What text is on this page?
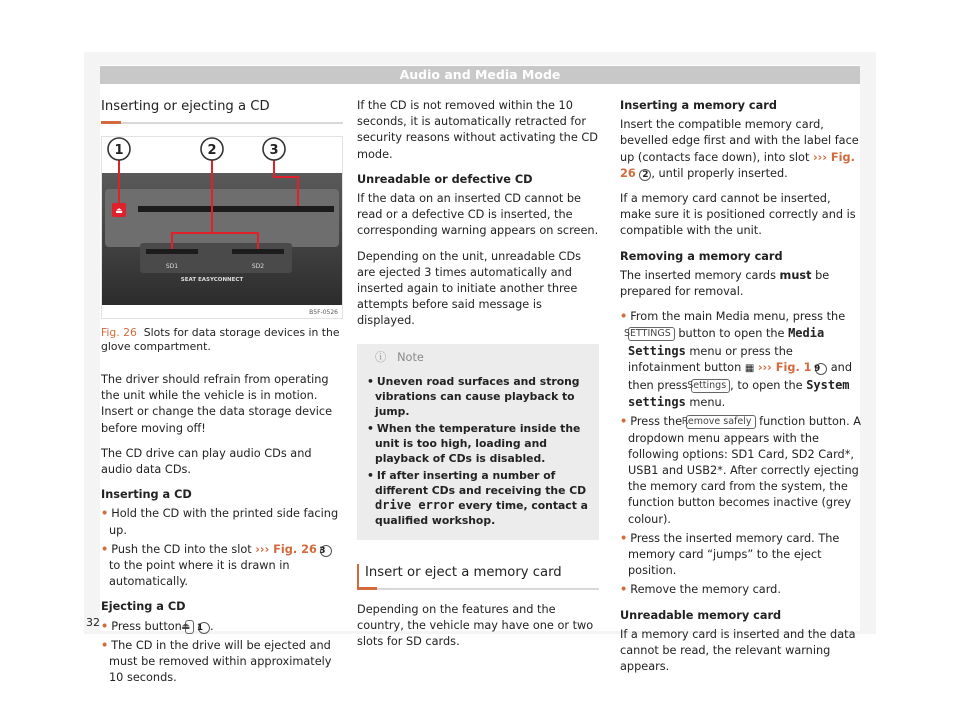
Audio and Media Mode
Inserting or ejecting a CD
⏏
SD1	SD2
SEAT EASYCONNECT
1	2	3
B5F-0526
Fig. 26 Slots for data storage devices in the glove compartment.

The driver should refrain from operating the unit while the vehicle is in motion. Insert or change the data storage device before moving off!

The CD drive can play audio CDs and audio data CDs.

Inserting a CD
• Hold the CD with the printed side facing up.
• Push the CD into the slot ››› Fig. 26 3 to the point where it is drawn in automatically.
Ejecting a CD
• Press button ⏏ 1 .
• The CD in the drive will be ejected and must be removed within approximately 10 seconds.

If the CD is not removed within the 10 seconds, it is automatically retracted for security reasons without activating the CD mode.

Unreadable or defective CD

If the data on an inserted CD cannot be read or a defective CD is inserted, the corresponding warning appears on screen.

Depending on the unit, unreadable CDs are ejected 3 times automatically and inserted again to initiate another three attempts before said message is displayed.

ⓘ Note
• Uneven road surfaces and strong vibrations can cause playback to jump.
• When the temperature inside the unit is too high, loading and playback of CDs is disabled.
• If after inserting a number of different CDs and receiving the CD drive error every time, contact a qualified workshop.
Insert or eject a memory card

Depending on the features and the country, the vehicle may have one or two slots for SD cards.

Inserting a memory card

Insert the compatible memory card, bevelled edge first and with the label face up (contacts face down), into slot ››› Fig. 26 2 , until properly inserted.

If a memory card cannot be inserted, make sure it is positioned correctly and is compatible with the unit.

Removing a memory card

The inserted memory cards must be prepared for removal.

• From the main Media menu, press the SETTINGS button to open the Media Settings menu or press the infotainment button ▦ ››› Fig. 1 9 and then press Settings , to open the System settings menu.
• Press the Remove safely function button. A dropdown menu appears with the following options: SD1 Card, SD2 Card*, USB1 and USB2*. After correctly ejecting the memory card from the system, the function button becomes inactive (grey colour).
• Press the inserted memory card. The memory card “jumps” to the eject position.
• Remove the memory card.
Unreadable memory card

If a memory card is inserted and the data cannot be read, the relevant warning appears.

32
